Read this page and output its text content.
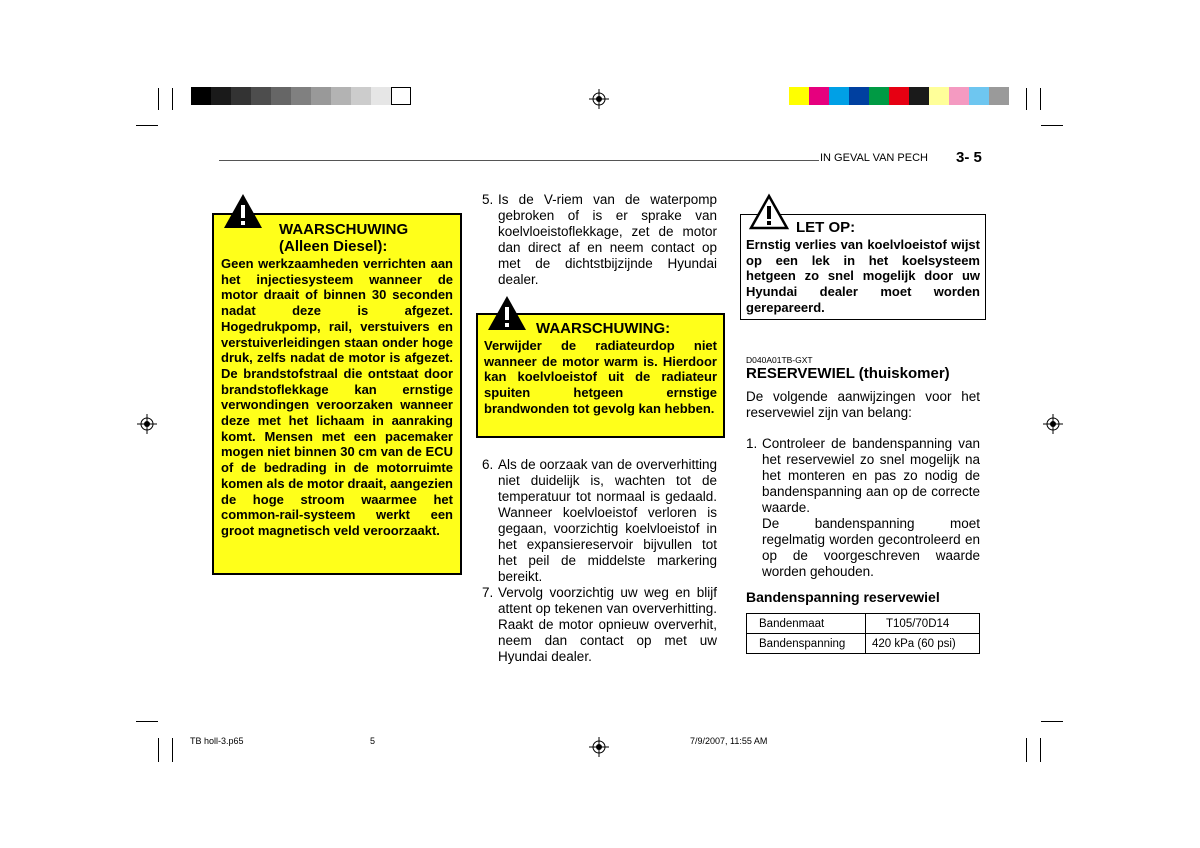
IN GEVAL VAN PECH 3- 5
WAARSCHUWING
(Alleen Diesel):
Geen werkzaamheden verrichten aan het injectiesysteem wanneer de motor draait of binnen 30 seconden nadat deze is afgezet. Hogedrukpomp, rail, verstuivers en verstuiverleidingen staan onder hoge druk, zelfs nadat de motor is afgezet. De brandstofstraal die ontstaat door brandstoflekkage kan ernstige verwondingen veroorzaken wanneer deze met het lichaam in aanraking komt. Mensen met een pacemaker mogen niet binnen 30 cm van de ECU of de bedrading in de motorruimte komen als de motor draait, aangezien de hoge stroom waarmee het common-rail-systeem werkt een groot magnetisch veld veroorzaakt.
5. Is de V-riem van de waterpomp gebroken of is er sprake van koelvloeistoflekkage, zet de motor dan direct af en neem contact op met de dichtstbijzijnde Hyundai dealer.
WAARSCHUWING:
Verwijder de radiateurdop niet wanneer de motor warm is. Hierdoor kan koelvloeistof uit de radiateur spuiten hetgeen ernstige brandwonden tot gevolg kan hebben.
6. Als de oorzaak van de oververhitting niet duidelijk is, wachten tot de temperatuur tot normaal is gedaald. Wanneer koelvloeistof verloren is gegaan, voorzichtig koelvloeistof in het expansiereservoir bijvullen tot het peil de middelste markering bereikt.
7. Vervolg voorzichtig uw weg en blijf attent op tekenen van oververhitting. Raakt de motor opnieuw oververhit, neem dan contact op met uw Hyundai dealer.
LET OP:
Ernstig verlies van koelvloeistof wijst op een lek in het koelsysteem hetgeen zo snel mogelijk door uw Hyundai dealer moet worden gerepareerd.
D040A01TB-GXT
RESERVEWIEL (thuiskomer)
De volgende aanwijzingen voor het reservewiel zijn van belang:
1. Controleer de bandenspanning van het reservewiel zo snel mogelijk na het monteren en pas zo nodig de bandenspanning aan op de correcte waarde.
De bandenspanning moet regelmatig worden gecontroleerd en op de voorgeschreven waarde worden gehouden.
Bandenspanning reservewiel
Bandenmaat	T105/70D14
Bandenspanning	420 kPa (60 psi)
TB holl-3.p65	5	7/9/2007, 11:55 AM
